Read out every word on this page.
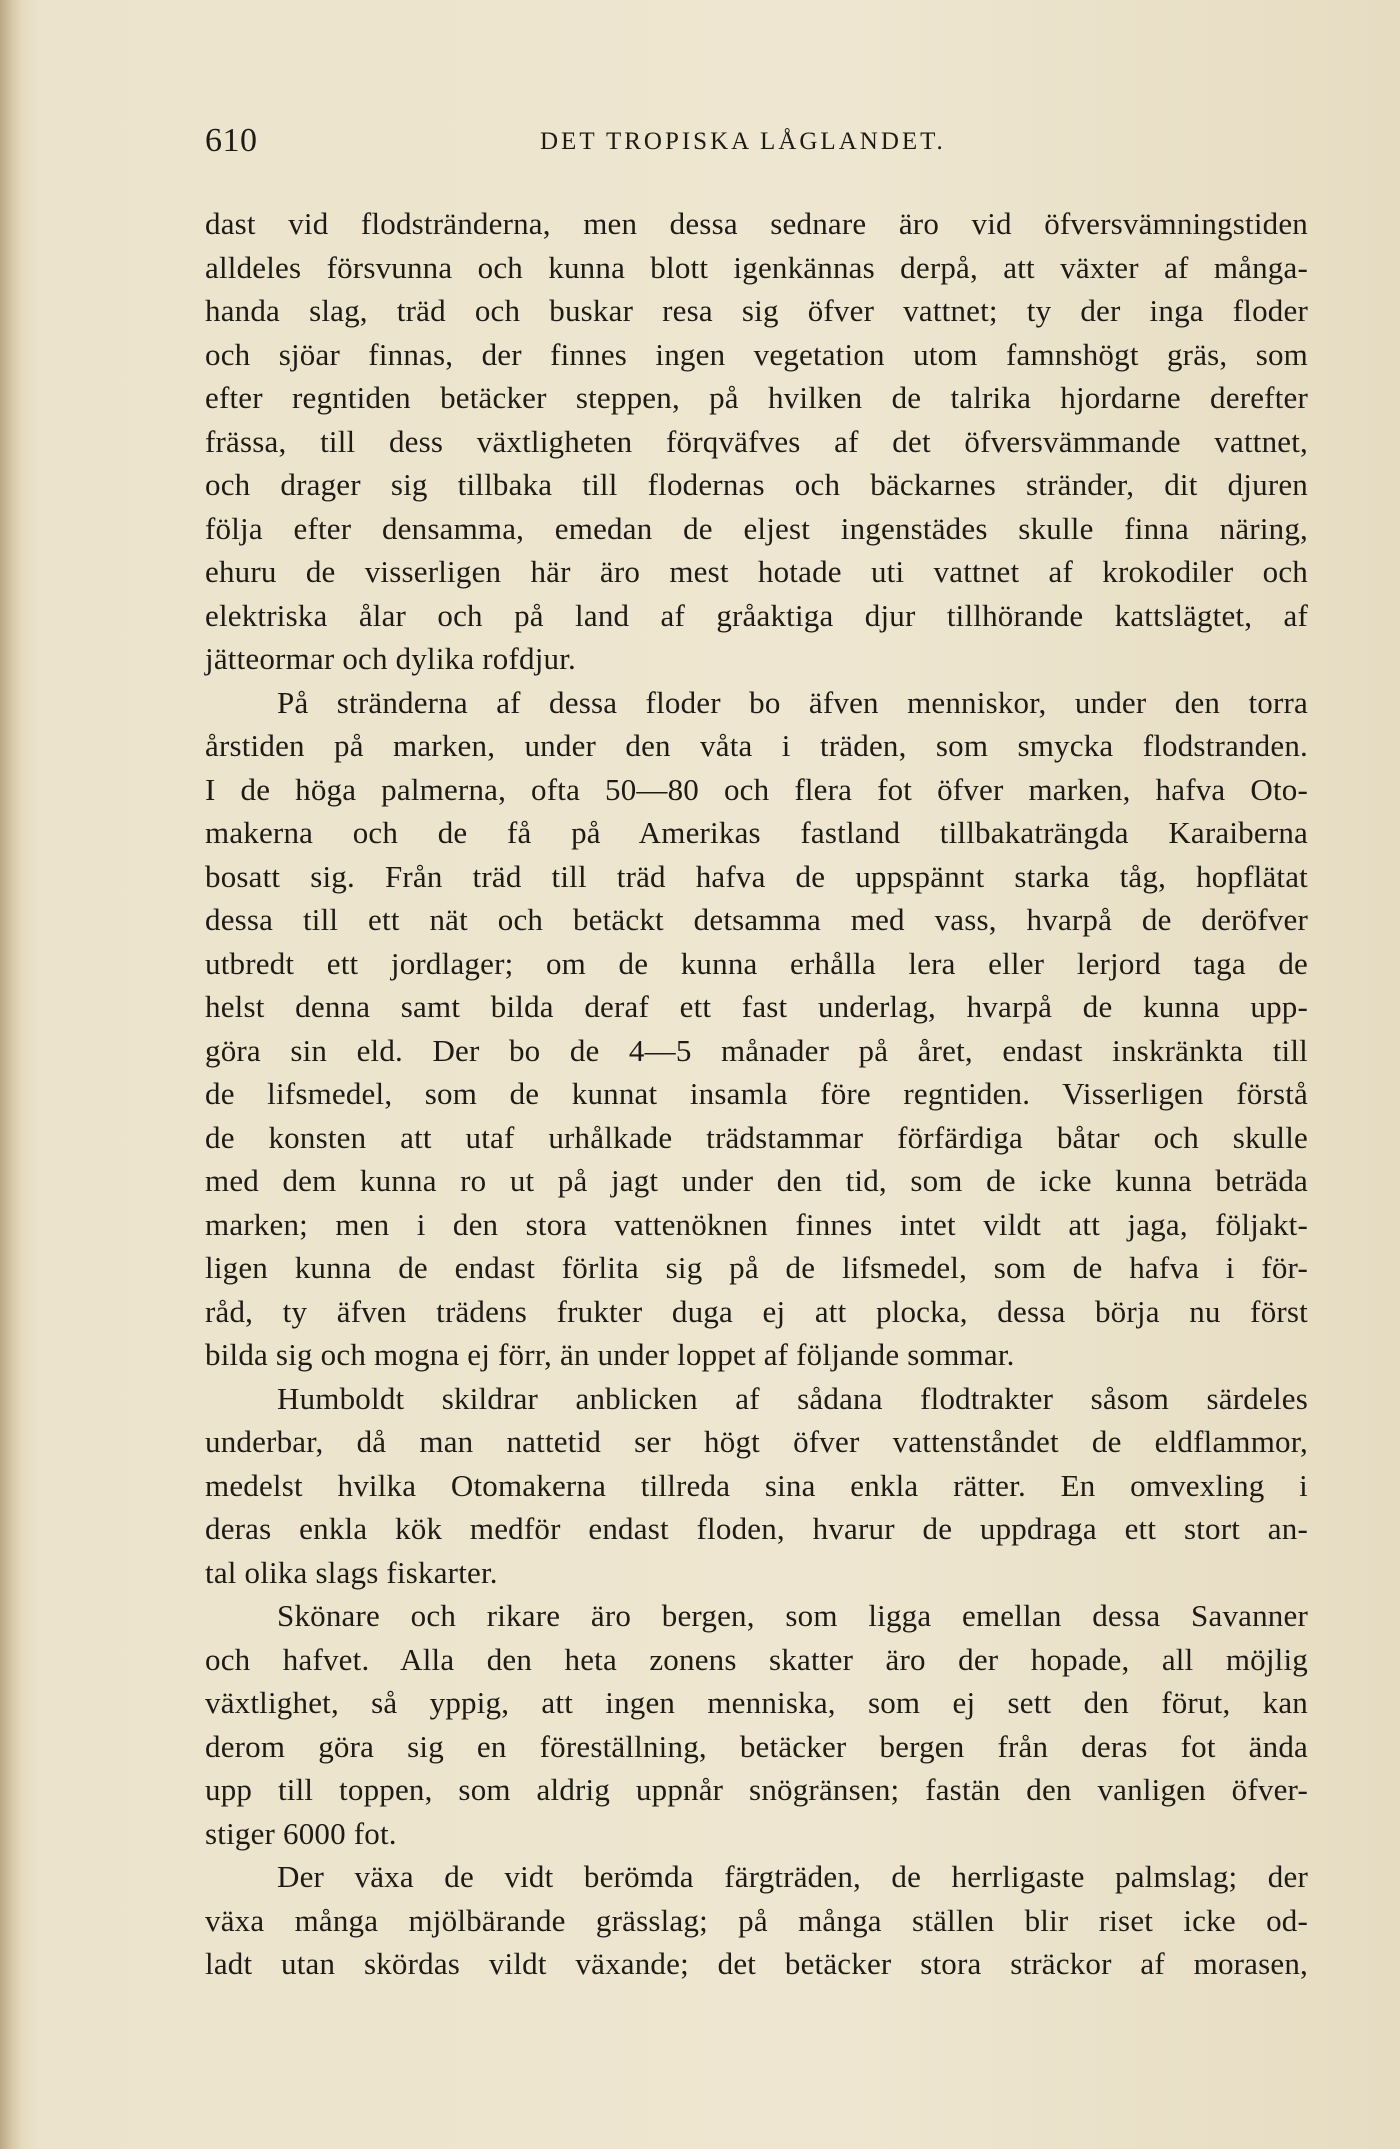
610	DET TROPISKA LÅGLANDET.
dast vid flodstränderna, men dessa sednare äro vid öfversvämningstiden
alldeles försvunna och kunna blott igenkännas derpå, att växter af många-
handa slag, träd och buskar resa sig öfver vattnet; ty der inga floder
och sjöar finnas, der finnes ingen vegetation utom famnshögt gräs, som
efter regntiden betäcker steppen, på hvilken de talrika hjordarne derefter
frässa, till dess växtligheten förqväfves af det öfversvämmande vattnet,
och drager sig tillbaka till flodernas och bäckarnes stränder, dit djuren
följa efter densamma, emedan de eljest ingenstädes skulle finna näring,
ehuru de visserligen här äro mest hotade uti vattnet af krokodiler och
elektriska ålar och på land af gråaktiga djur tillhörande kattslägtet, af
jätteormar och dylika rofdjur.
På stränderna af dessa floder bo äfven menniskor, under den torra
årstiden på marken, under den våta i träden, som smycka flodstranden.
I de höga palmerna, ofta 50—80 och flera fot öfver marken, hafva Oto-
makerna och de få på Amerikas fastland tillbakaträngda Karaiberna
bosatt sig. Från träd till träd hafva de uppspännt starka tåg, hopflätat
dessa till ett nät och betäckt detsamma med vass, hvarpå de deröfver
utbredt ett jordlager; om de kunna erhålla lera eller lerjord taga de
helst denna samt bilda deraf ett fast underlag, hvarpå de kunna upp-
göra sin eld. Der bo de 4—5 månader på året, endast inskränkta till
de lifsmedel, som de kunnat insamla före regntiden. Visserligen förstå
de konsten att utaf urhålkade trädstammar förfärdiga båtar och skulle
med dem kunna ro ut på jagt under den tid, som de icke kunna beträda
marken; men i den stora vattenöknen finnes intet vildt att jaga, följakt-
ligen kunna de endast förlita sig på de lifsmedel, som de hafva i för-
råd, ty äfven trädens frukter duga ej att plocka, dessa börja nu först
bilda sig och mogna ej förr, än under loppet af följande sommar.
Humboldt skildrar anblicken af sådana flodtrakter såsom särdeles
underbar, då man nattetid ser högt öfver vattenståndet de eldflammor,
medelst hvilka Otomakerna tillreda sina enkla rätter. En omvexling i
deras enkla kök medför endast floden, hvarur de uppdraga ett stort an-
tal olika slags fiskarter.
Skönare och rikare äro bergen, som ligga emellan dessa Savanner
och hafvet. Alla den heta zonens skatter äro der hopade, all möjlig
växtlighet, så yppig, att ingen menniska, som ej sett den förut, kan
derom göra sig en föreställning, betäcker bergen från deras fot ända
upp till toppen, som aldrig uppnår snögränsen; fastän den vanligen öfver-
stiger 6000 fot.
Der växa de vidt berömda färgträden, de herrligaste palmslag; der
växa många mjölbärande grässlag; på många ställen blir riset icke od-
ladt utan skördas vildt växande; det betäcker stora sträckor af morasen,
